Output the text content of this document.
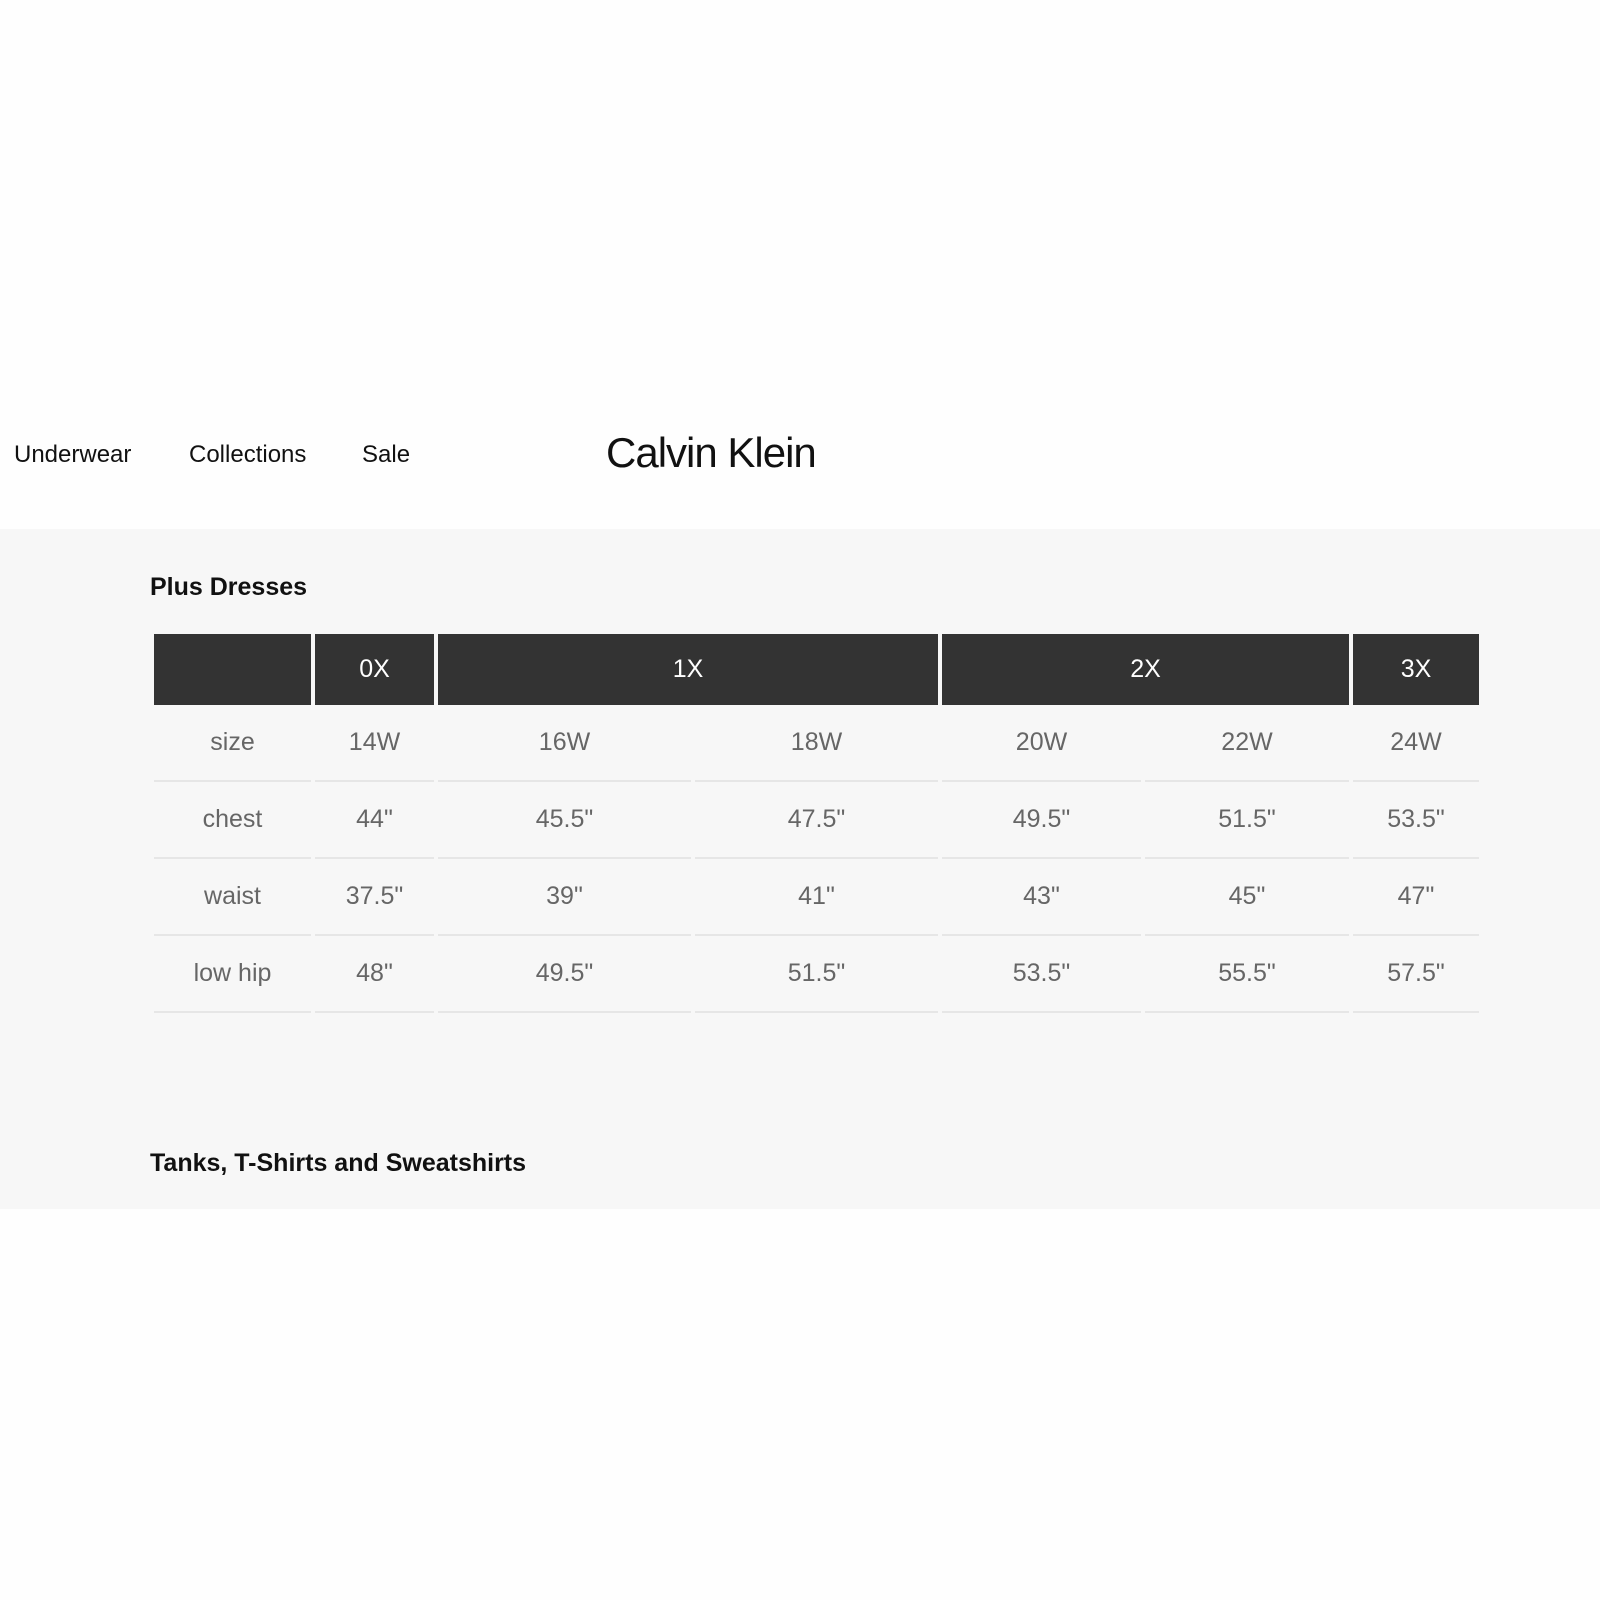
Underwear Collections Sale	Calvin Klein
Plus Dresses
	0X	1X		2X		3X
size	14W	16W	18W	20W	22W	24W
chest	44"	45.5"	47.5"	49.5"	51.5"	53.5"
waist	37.5"	39"	41"	43"	45"	47"
low hip	48"	49.5"	51.5"	53.5"	55.5"	57.5"
Tanks, T-Shirts and Sweatshirts
